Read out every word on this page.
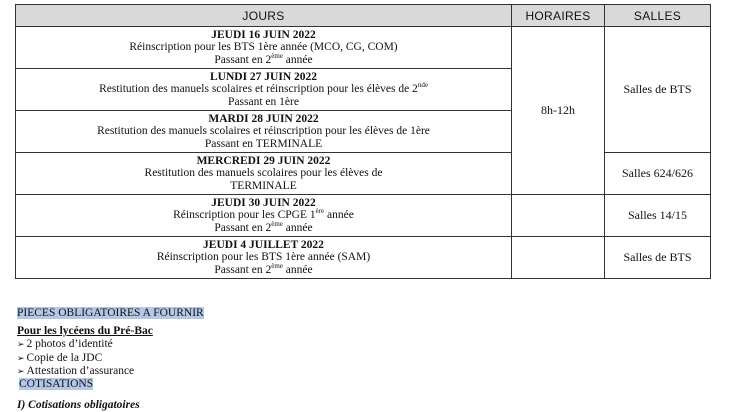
JOURS	HORAIRES	SALLES

JEUDI 16 JUIN 2022
Réinscription pour les BTS 1ère année (MCO, CG, COM)
Passant en 2ème année	8h-12h	Salles de BTS

LUNDI 27 JUIN 2022
Restitution des manuels scolaires et réinscription pour les élèves de 2nde
Passant en 1ère		

MARDI 28 JUIN 2022
Restitution des manuels scolaires et réinscription pour les élèves de 1ère
Passant en TERMINALE		

MERCREDI 29 JUIN 2022
Restitution des manuels scolaires pour les élèves de
TERMINALE		Salles 624/626

JEUDI 30 JUIN 2022
Réinscription pour les CPGE 1ère année
Passant en 2ème année		Salles 14/15

JEUDI 4 JUILLET 2022
Réinscription pour les BTS 1ère année (SAM)
Passant en 2ème année		Salles de BTS
PIECES OBLIGATOIRES A FOURNIR
Pour les lycéens du Pré-Bac
➢ 2 photos d’identité
➢ Copie de la JDC
➢ Attestation d’assurance
COTISATIONS
I) Cotisations obligatoires
